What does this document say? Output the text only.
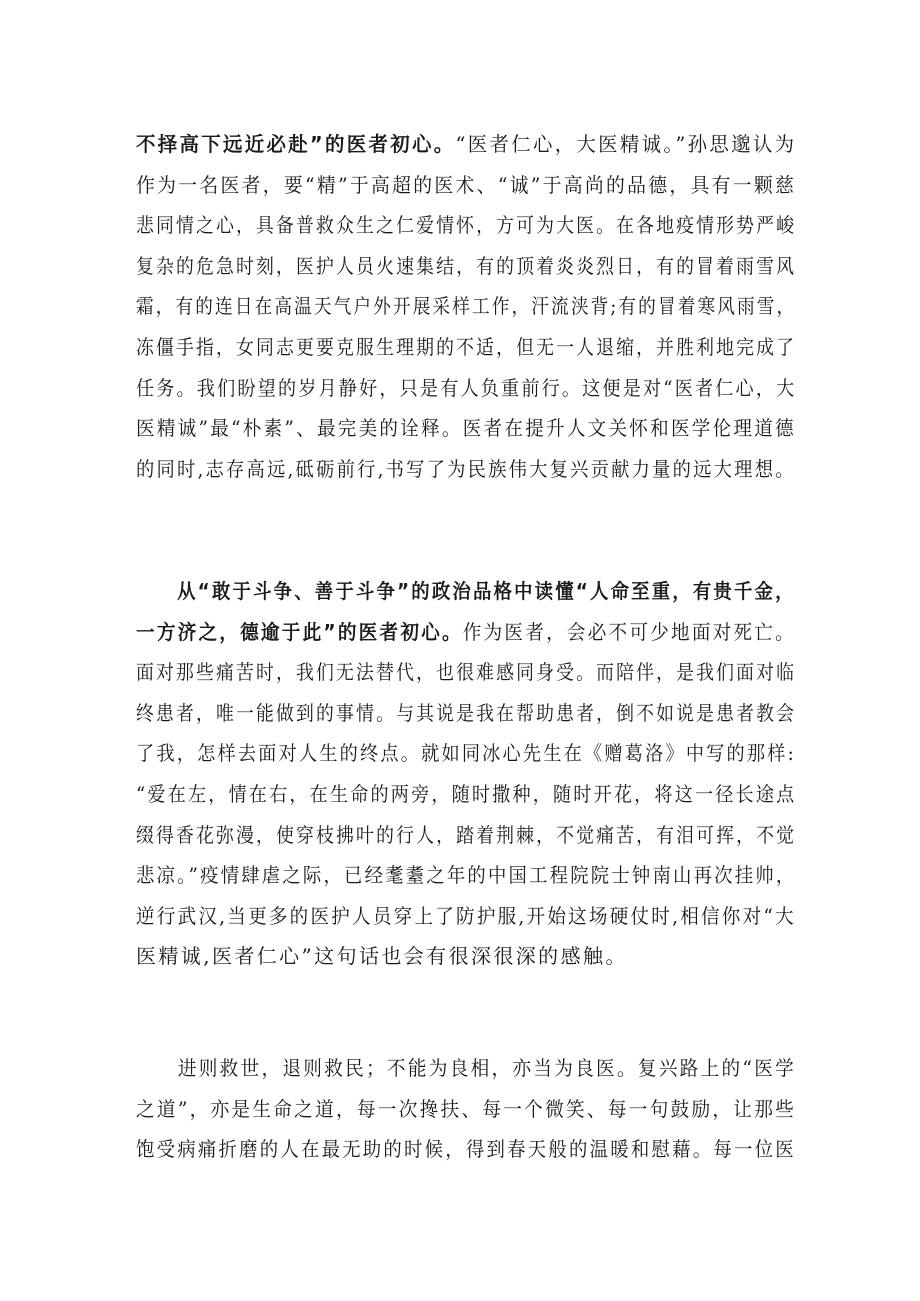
不择高下远近必赴”的医者初心。“医者仁心，大医精诚。”孙思邈认为
作为一名医者，要“精”于高超的医术、“诚”于高尚的品德，具有一颗慈
悲同情之心，具备普救众生之仁爱情怀，方可为大医。在各地疫情形势严峻
复杂的危急时刻，医护人员火速集结，有的顶着炎炎烈日，有的冒着雨雪风
霜，有的连日在高温天气户外开展采样工作，汗流浃背;有的冒着寒风雨雪，
冻僵手指，女同志更要克服生理期的不适，但无一人退缩，并胜利地完成了
任务。我们盼望的岁月静好，只是有人负重前行。这便是对“医者仁心，大
医精诚”最“朴素”、最完美的诠释。医者在提升人文关怀和医学伦理道德
的同时,志存高远,砥砺前行,书写了为民族伟大复兴贡献力量的远大理想。
　　从“敢于斗争、善于斗争”的政治品格中读懂“人命至重，有贵千金，
一方济之，德逾于此”的医者初心。作为医者，会必不可少地面对死亡。
面对那些痛苦时，我们无法替代，也很难感同身受。而陪伴，是我们面对临
终患者，唯一能做到的事情。与其说是我在帮助患者，倒不如说是患者教会
了我，怎样去面对人生的终点。就如同冰心先生在《赠葛洛》中写的那样:
“爱在左，情在右，在生命的两旁，随时撒种，随时开花，将这一径长途点
缀得香花弥漫，使穿枝拂叶的行人，踏着荆棘，不觉痛苦，有泪可挥，不觉
悲凉。”疫情肆虐之际，已经耄耋之年的中国工程院院士钟南山再次挂帅，
逆行武汉,当更多的医护人员穿上了防护服,开始这场硬仗时,相信你对“大
医精诚,医者仁心”这句话也会有很深很深的感触。
　　进则救世，退则救民；不能为良相，亦当为良医。复兴路上的“医学
之道”，亦是生命之道，每一次搀扶、每一个微笑、每一句鼓励，让那些
饱受病痛折磨的人在最无助的时候，得到春天般的温暖和慰藉。每一位医
